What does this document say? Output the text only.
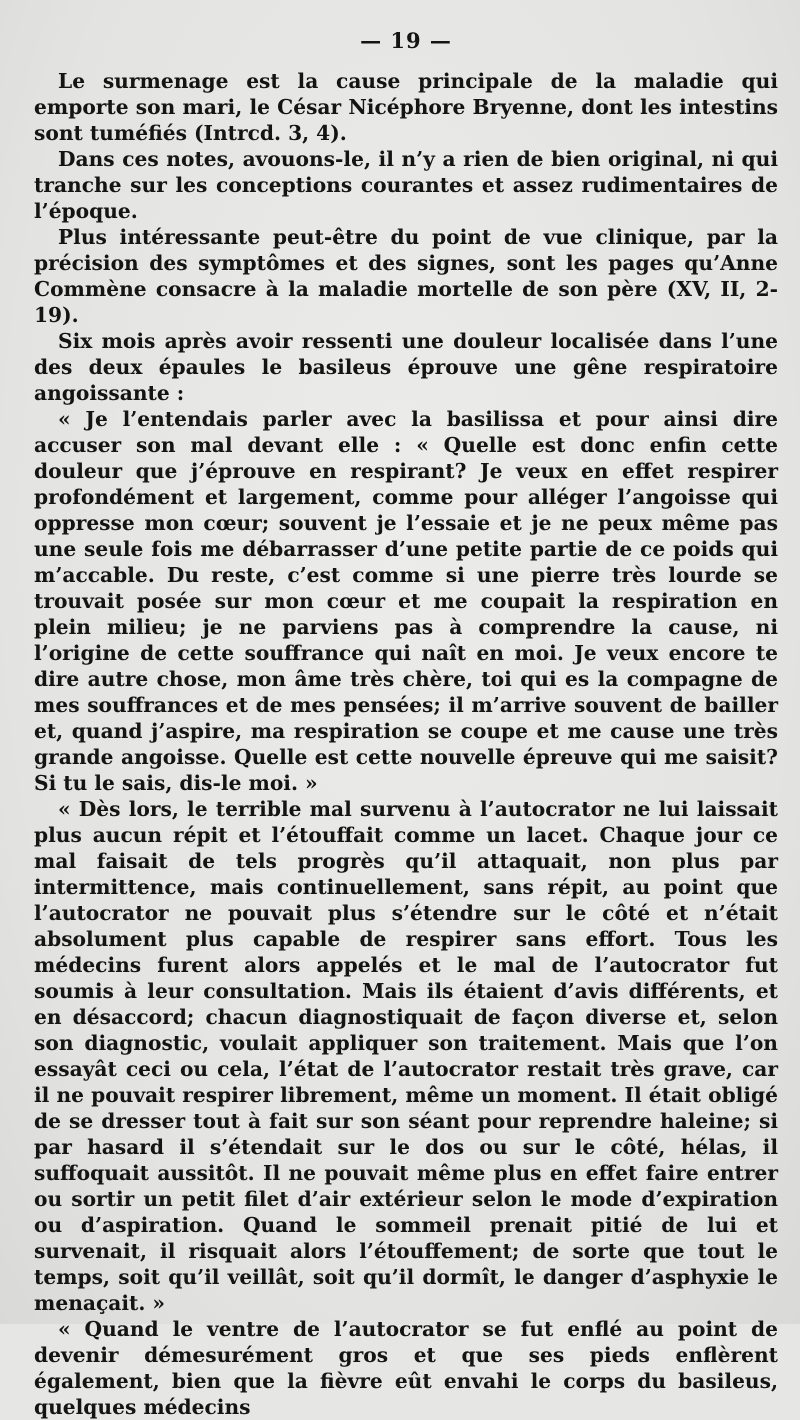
— 19 —

Le surmenage est la cause principale de la maladie qui emporte son mari, le César Nicéphore Bryenne, dont les intestins sont tuméfiés (Intrcd. 3, 4).

Dans ces notes, avouons-le, il n’y a rien de bien original, ni qui tranche sur les conceptions courantes et assez rudimentaires de l’époque.

Plus intéressante peut-être du point de vue clinique, par la précision des symptômes et des signes, sont les pages qu’Anne Commène consacre à la maladie mortelle de son père (XV, II, 2-19).

Six mois après avoir ressenti une douleur localisée dans l’une des deux épaules le basileus éprouve une gêne respiratoire angoissante :

« Je l’entendais parler avec la basilissa et pour ainsi dire accuser son mal devant elle : « Quelle est donc enfin cette douleur que j’éprouve en respirant? Je veux en effet respirer profondément et largement, comme pour alléger l’angoisse qui oppresse mon cœur; souvent je l’essaie et je ne peux même pas une seule fois me débarrasser d’une petite partie de ce poids qui m’accable. Du reste, c’est comme si une pierre très lourde se trouvait posée sur mon cœur et me coupait la respiration en plein milieu; je ne parviens pas à comprendre la cause, ni l’origine de cette souffrance qui naît en moi. Je veux encore te dire autre chose, mon âme très chère, toi qui es la compagne de mes souffrances et de mes pensées; il m’arrive souvent de bailler et, quand j’aspire, ma respiration se coupe et me cause une très grande angoisse. Quelle est cette nouvelle épreuve qui me saisit? Si tu le sais, dis-le moi. »

« Dès lors, le terrible mal survenu à l’autocrator ne lui laissait plus aucun répit et l’étouffait comme un lacet. Chaque jour ce mal faisait de tels progrès qu’il attaquait, non plus par intermittence, mais continuellement, sans répit, au point que l’autocrator ne pouvait plus s’étendre sur le côté et n’était absolument plus capable de respirer sans effort. Tous les médecins furent alors appelés et le mal de l’autocrator fut soumis à leur consultation. Mais ils étaient d’avis différents, et en désaccord; chacun diagnostiquait de façon diverse et, selon son diagnostic, voulait appliquer son traitement. Mais que l’on essayât ceci ou cela, l’état de l’autocrator restait très grave, car il ne pouvait respirer librement, même un moment. Il était obligé de se dresser tout à fait sur son séant pour reprendre haleine; si par hasard il s’étendait sur le dos ou sur le côté, hélas, il suffoquait aussitôt. Il ne pouvait même plus en effet faire entrer ou sortir un petit filet d’air extérieur selon le mode d’expiration ou d’aspiration. Quand le sommeil prenait pitié de lui et survenait, il risquait alors l’étouffement; de sorte que tout le temps, soit qu’il veillât, soit qu’il dormît, le danger d’asphyxie le menaçait. »

« Quand le ventre de l’autocrator se fut enflé au point de devenir démesurément gros et que ses pieds enflèrent également, bien que la fièvre eût envahi le corps du basileus, quelques médecins
